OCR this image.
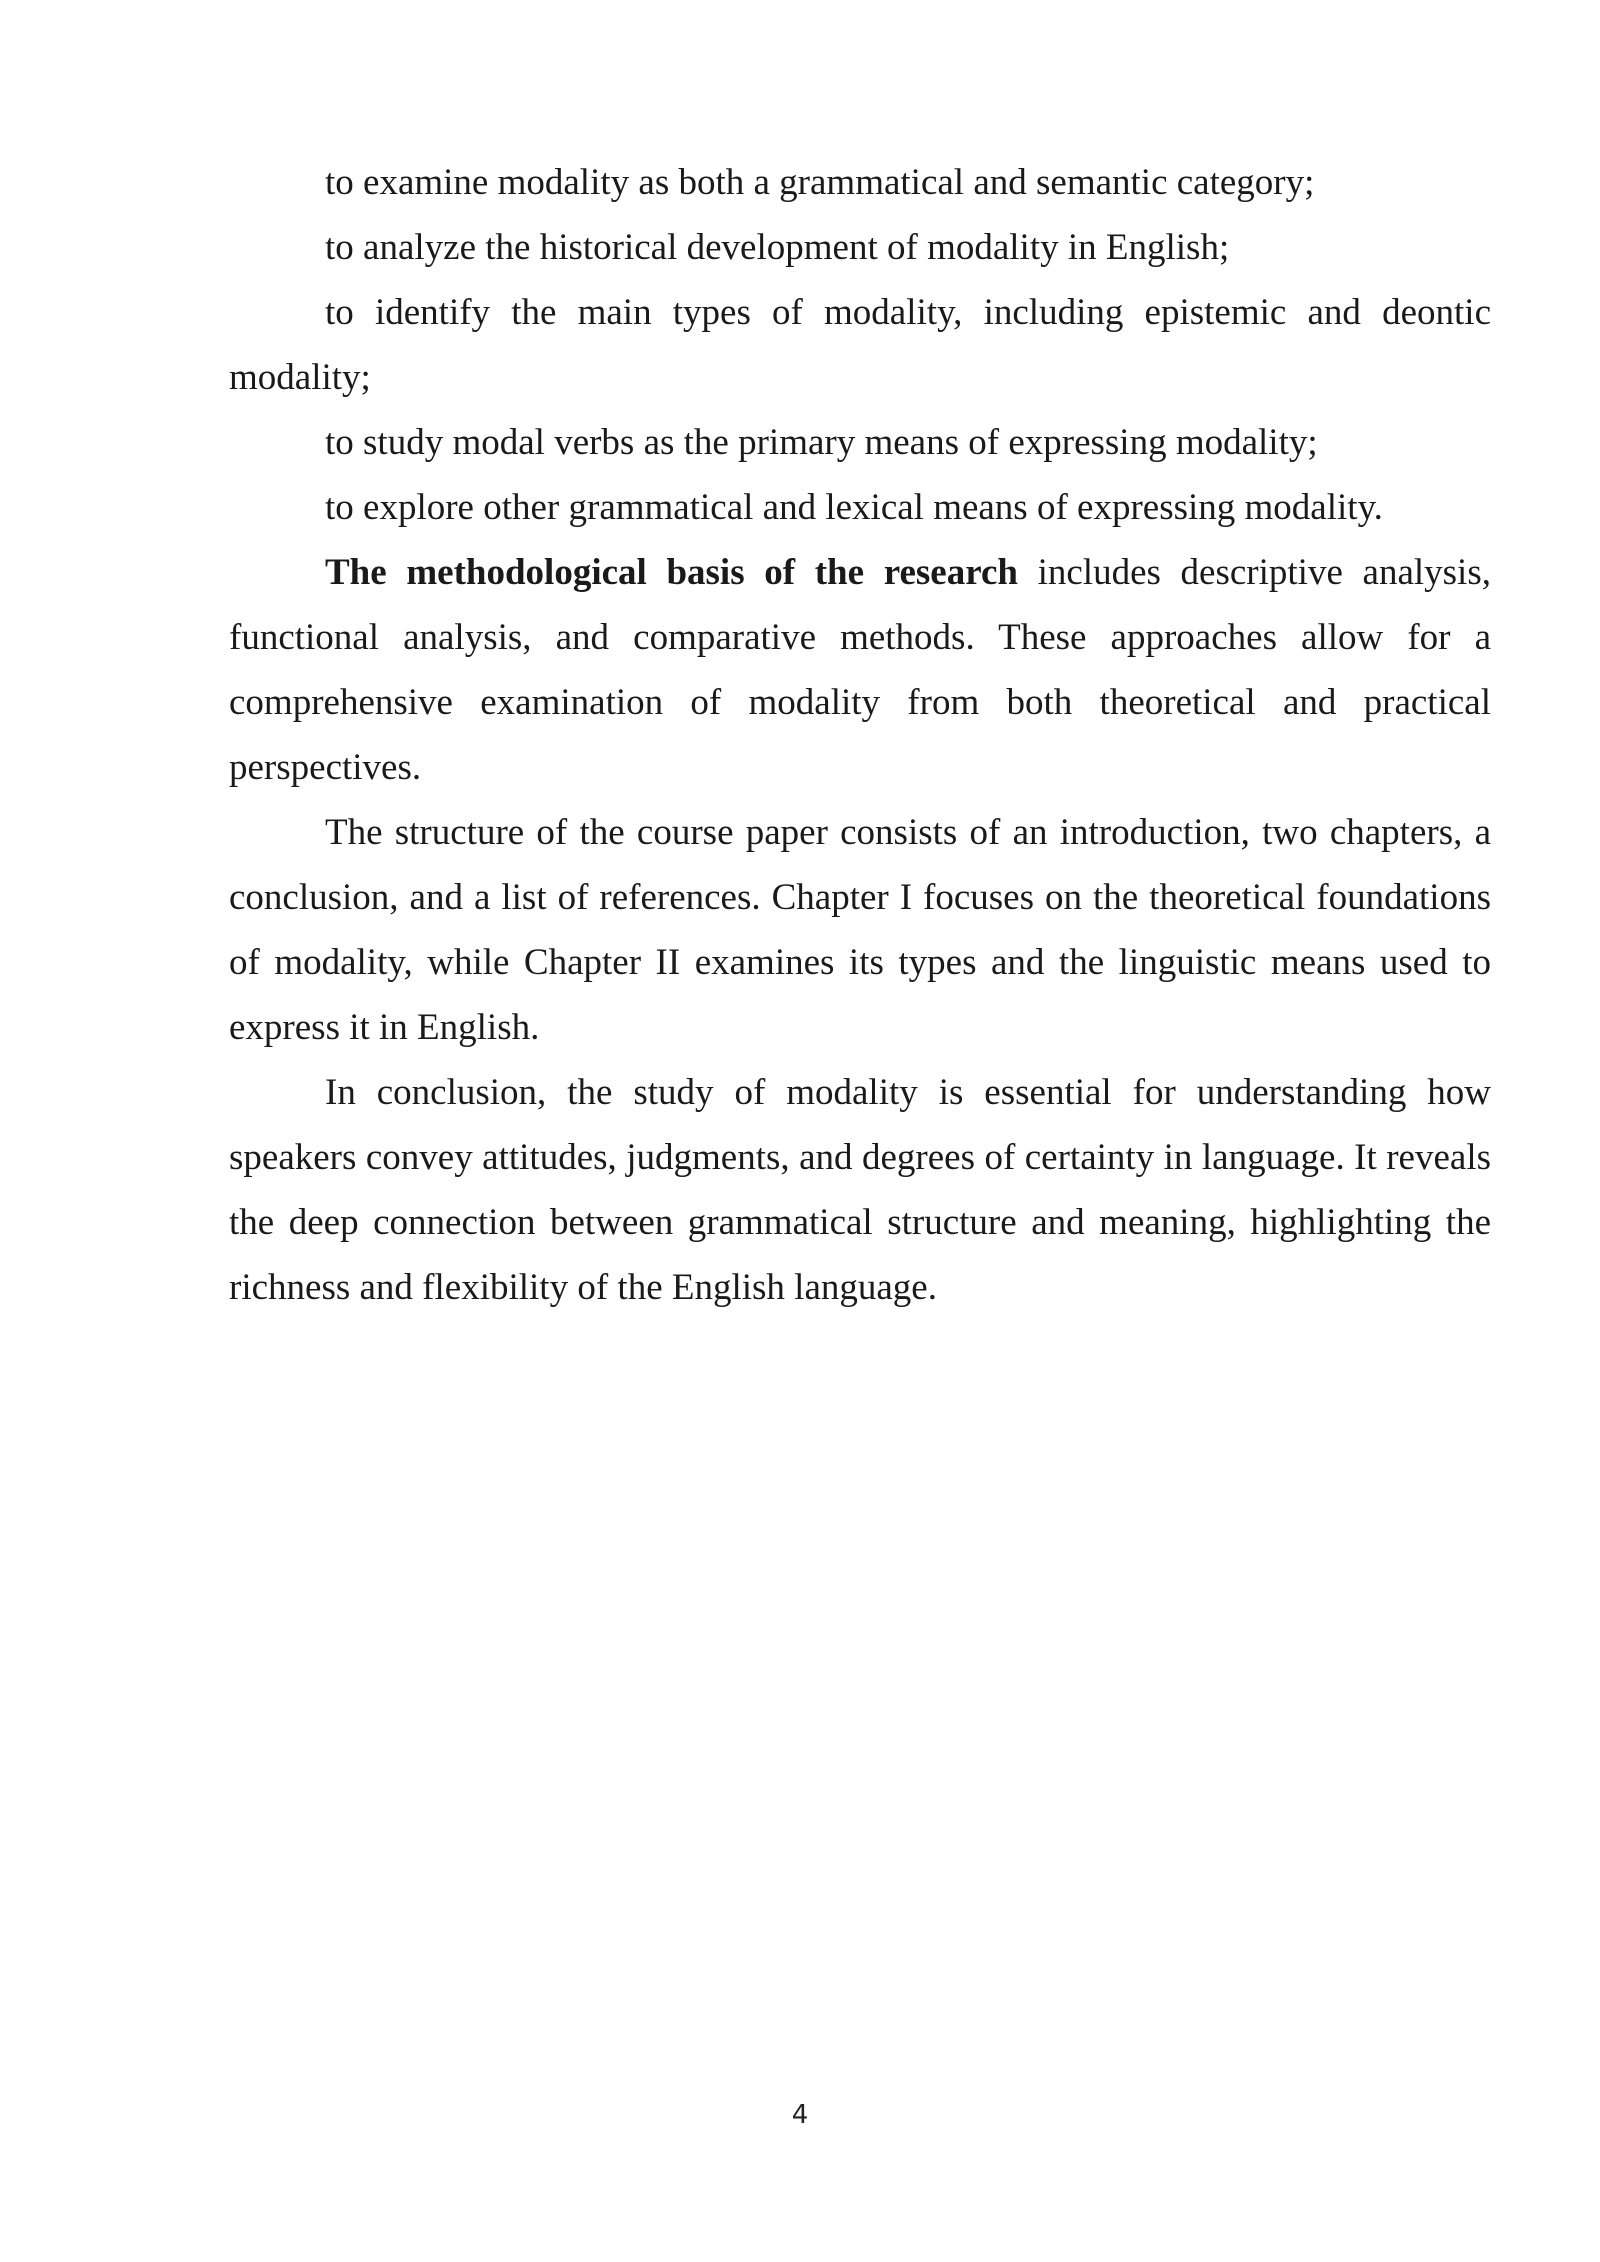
to examine modality as both a grammatical and semantic category;

to analyze the historical development of modality in English;

to identify the main types of modality, including epistemic and deontic modality;

to study modal verbs as the primary means of expressing modality;

to explore other grammatical and lexical means of expressing modality.

The methodological basis of the research includes descriptive analysis, functional analysis, and comparative methods. These approaches allow for a comprehensive examination of modality from both theoretical and practical perspectives.

The structure of the course paper consists of an introduction, two chapters, a conclusion, and a list of references. Chapter I focuses on the theoretical foundations of modality, while Chapter II examines its types and the linguistic means used to express it in English.

In conclusion, the study of modality is essential for understanding how speakers convey attitudes, judgments, and degrees of certainty in language. It reveals the deep connection between grammatical structure and meaning, highlighting the richness and flexibility of the English language.

4
